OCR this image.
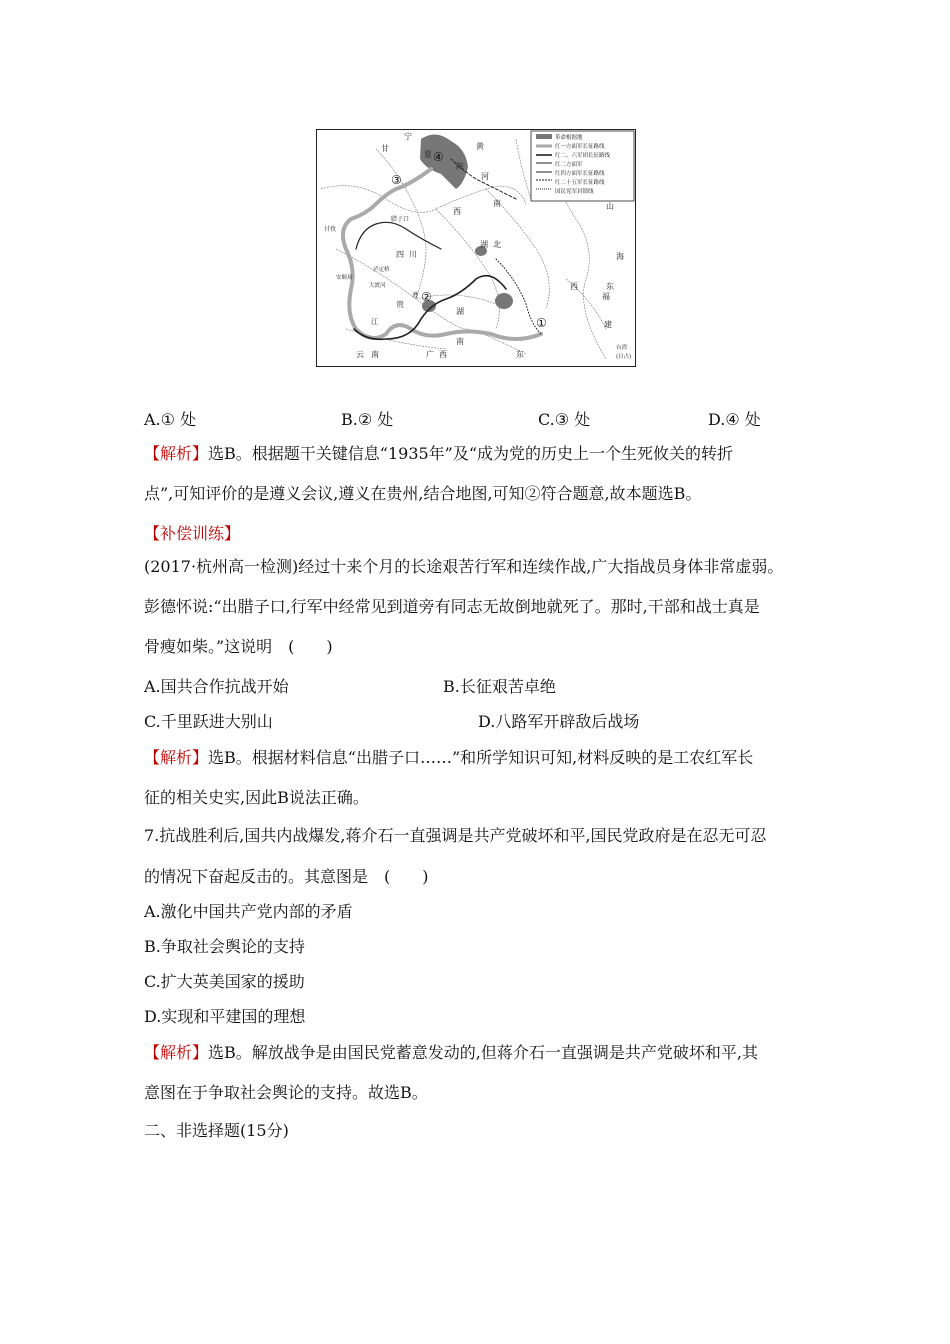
革命根据地
红一方面军长征路线
红二、六军团长征路线
红二方面军
红四方面军长征路线
红二十五军长征路线
国民党军封锁线
宁
甘
夏
陕
黄
河
腊子口
西
南
甘孜
四 川
湖 北
安顺场
泸定桥
大渡河
贵
遵
江
西
福
建
湖
南
云 南	广 西	东
台湾
(日占)
山
东
海
①
②
③
④
A.① 处	B.② 处	C.③ 处	D.④ 处
【解析】选B。根据题干关键信息“1935年”及“成为党的历史上一个生死攸关的转折
点”,可知评价的是遵义会议,遵义在贵州,结合地图,可知②符合题意,故本题选B。
【补偿训练】
(2017·杭州高一检测)经过十来个月的长途艰苦行军和连续作战,广大指战员身体非常虚弱。
彭德怀说:“出腊子口,行军中经常见到道旁有同志无故倒地就死了。那时,干部和战士真是
骨瘦如柴。”这说明　(　　)
A.国共合作抗战开始	B.长征艰苦卓绝
C.千里跃进大别山	D.八路军开辟敌后战场
【解析】选B。根据材料信息“出腊子口……”和所学知识可知,材料反映的是工农红军长
征的相关史实,因此B说法正确。
7.抗战胜利后,国共内战爆发,蒋介石一直强调是共产党破坏和平,国民党政府是在忍无可忍
的情况下奋起反击的。其意图是　(　　)
A.激化中国共产党内部的矛盾
B.争取社会舆论的支持
C.扩大英美国家的援助
D.实现和平建国的理想
【解析】选B。解放战争是由国民党蓄意发动的,但蒋介石一直强调是共产党破坏和平,其
意图在于争取社会舆论的支持。故选B。
二、非选择题(15分)
